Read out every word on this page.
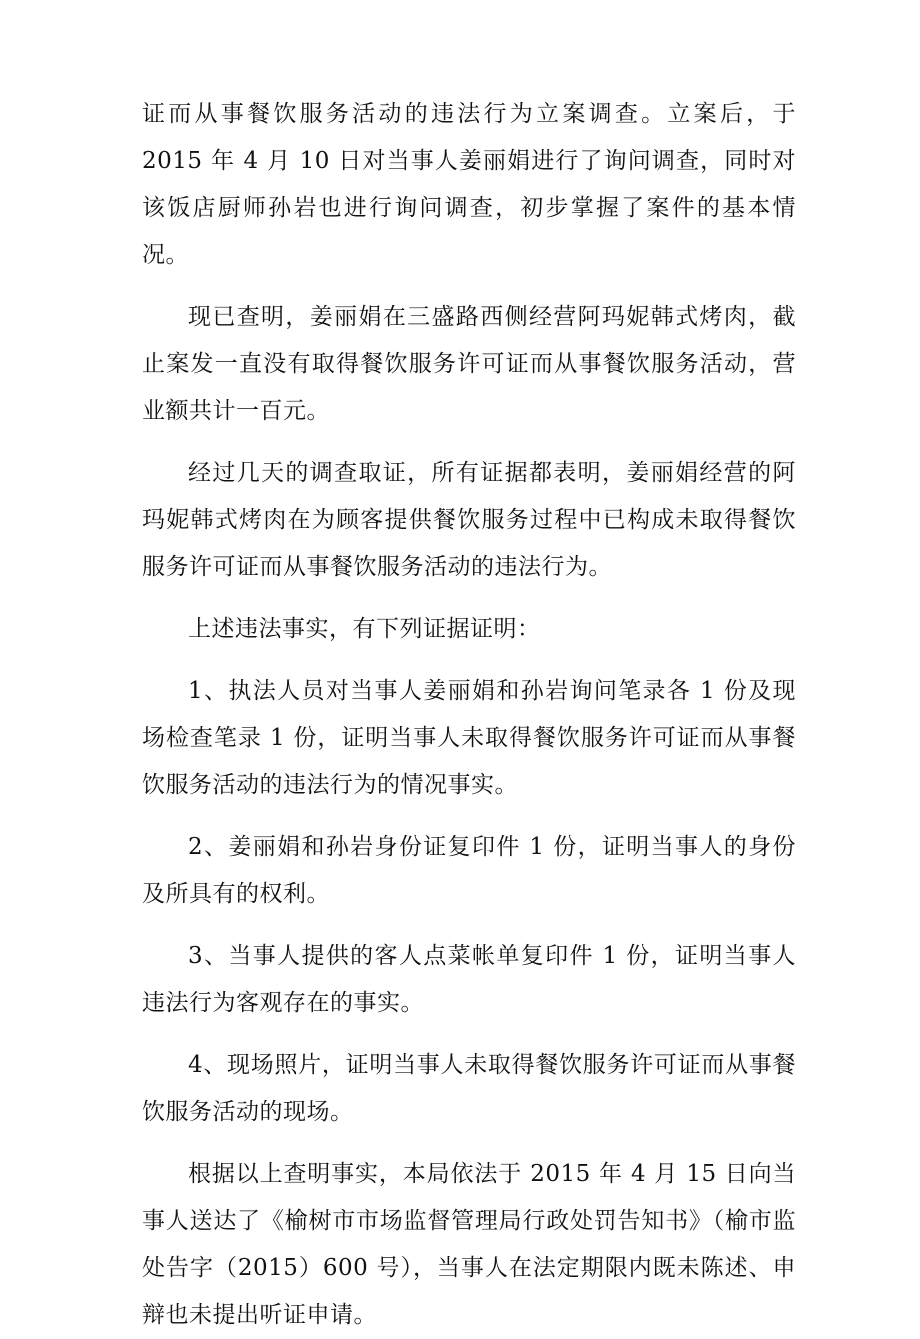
证而从事餐饮服务活动的违法行为立案调查。立案后，于 2015 年 4 月 10 日对当事人姜丽娟进行了询问调查，同时对该饭店厨师孙岩也进行询问调查，初步掌握了案件的基本情况。

现已查明，姜丽娟在三盛路西侧经营阿玛妮韩式烤肉，截止案发一直没有取得餐饮服务许可证而从事餐饮服务活动，营业额共计一百元。

经过几天的调查取证，所有证据都表明，姜丽娟经营的阿玛妮韩式烤肉在为顾客提供餐饮服务过程中已构成未取得餐饮服务许可证而从事餐饮服务活动的违法行为。

上述违法事实，有下列证据证明：

1、执法人员对当事人姜丽娟和孙岩询问笔录各 1 份及现场检查笔录 1 份，证明当事人未取得餐饮服务许可证而从事餐饮服务活动的违法行为的情况事实。

2、姜丽娟和孙岩身份证复印件 1 份，证明当事人的身份及所具有的权利。

3、当事人提供的客人点菜帐单复印件 1 份，证明当事人违法行为客观存在的事实。

4、现场照片，证明当事人未取得餐饮服务许可证而从事餐饮服务活动的现场。

根据以上查明事实，本局依法于 2015 年 4 月 15 日向当事人送达了《榆树市市场监督管理局行政处罚告知书》（榆市监处告字（2015）600 号），当事人在法定期限内既未陈述、申辩也未提出听证申请。
